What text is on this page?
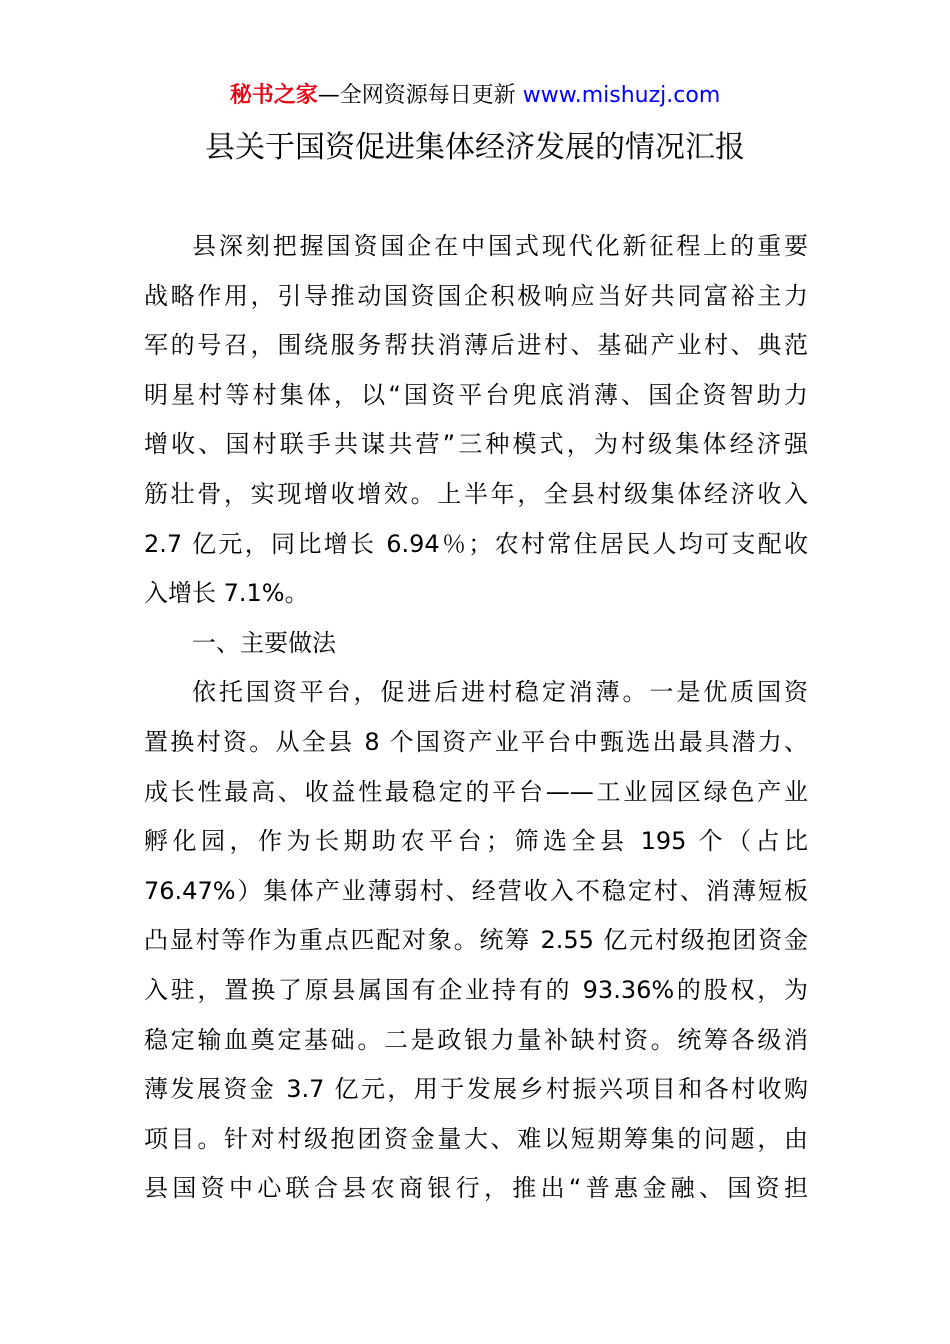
秘书之家—全网资源每日更新 www.mishuzj.com
县关于国资促进集体经济发展的情况汇报
县深刻把握国资国企在中国式现代化新征程上的重要
战略作用，引导推动国资国企积极响应当好共同富裕主力
军的号召，围绕服务帮扶消薄后进村、基础产业村、典范
明星村等村集体，以“国资平台兜底消薄、国企资智助力
增收、国村联手共谋共营”三种模式，为村级集体经济强
筋壮骨，实现增收增效。上半年，全县村级集体经济收入
2.7 亿元，同比增长 6.94％；农村常住居民人均可支配收
入增长 7.1%。
一、主要做法
依托国资平台，促进后进村稳定消薄。一是优质国资
置换村资。从全县 8 个国资产业平台中甄选出最具潜力、
成长性最高、收益性最稳定的平台——工业园区绿色产业
孵化园，作为长期助农平台；筛选全县 195 个（占比
76.47%）集体产业薄弱村、经营收入不稳定村、消薄短板
凸显村等作为重点匹配对象。统筹 2.55 亿元村级抱团资金
入驻，置换了原县属国有企业持有的 93.36%的股权，为
稳定输血奠定基础。二是政银力量补缺村资。统筹各级消
薄发展资金 3.7 亿元，用于发展乡村振兴项目和各村收购
项目。针对村级抱团资金量大、难以短期筹集的问题，由
县国资中心联合县农商银行，推出“普惠金融、国资担
